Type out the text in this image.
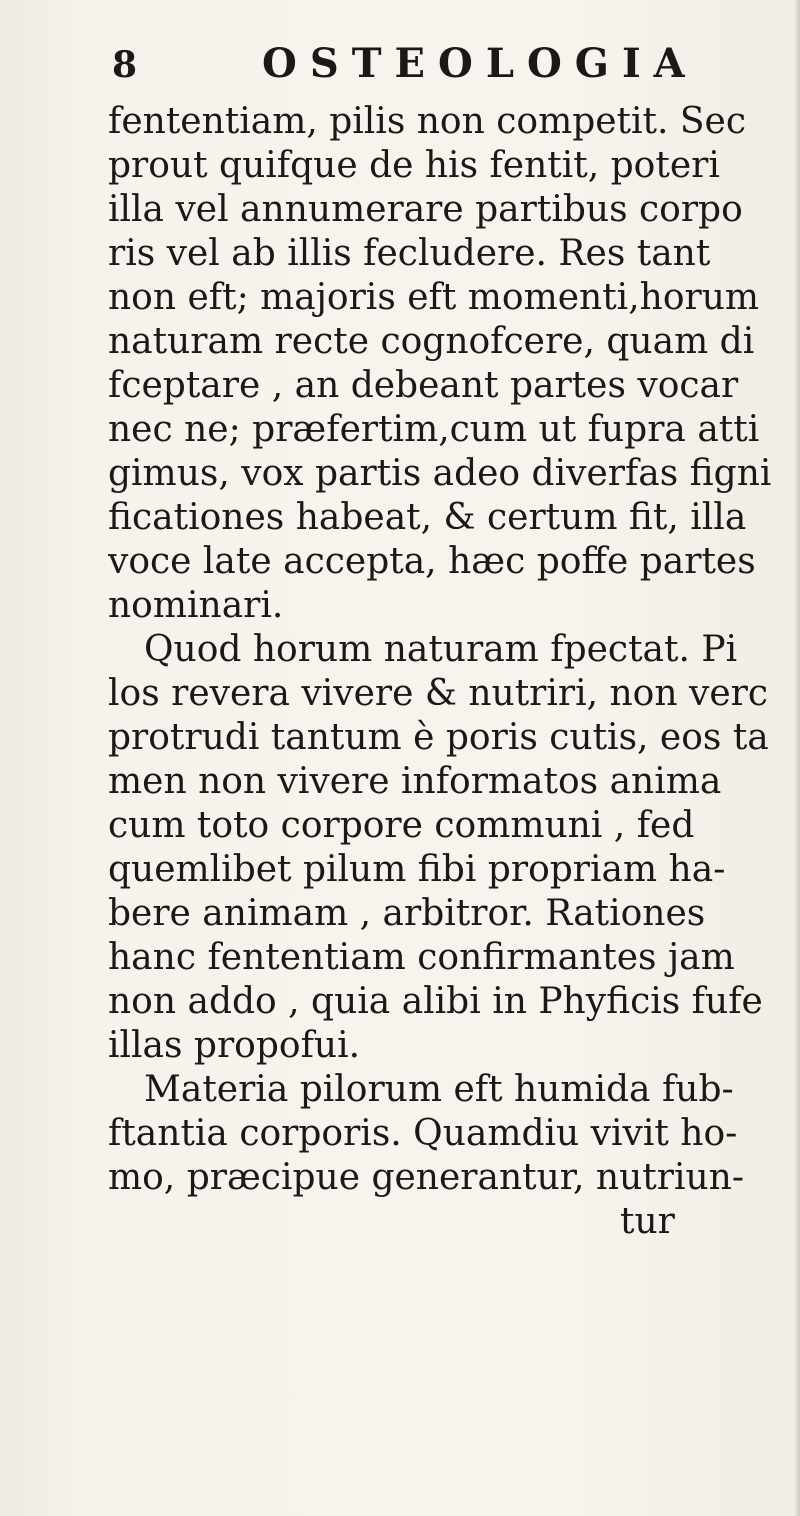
8	OSTEOLOGIA
fententiam, pilis non competit. Sec
prout quifque de his fentit, poteri
illa vel annumerare partibus corpo
ris vel ab illis fecludere. Res tant
non eft; majoris eft momenti,horum
naturam recte cognofcere, quam di
fceptare , an debeant partes vocar
nec ne; præfertim,cum ut fupra atti
gimus, vox partis adeo diverfas figni
ficationes habeat, & certum fit, illa
voce late accepta, hæc poffe partes
nominari.
Quod horum naturam fpectat. Pi
los revera vivere & nutriri, non verc
protrudi tantum è poris cutis, eos ta
men non vivere informatos anima
cum toto corpore communi , fed
quemlibet pilum fibi propriam ha-
bere animam , arbitror. Rationes
hanc fententiam confirmantes jam
non addo , quia alibi in Phyficis fufe
illas propofui.
Materia pilorum eft humida fub-
ftantia corporis. Quamdiu vivit ho-
mo, præcipue generantur, nutriun-
tur
